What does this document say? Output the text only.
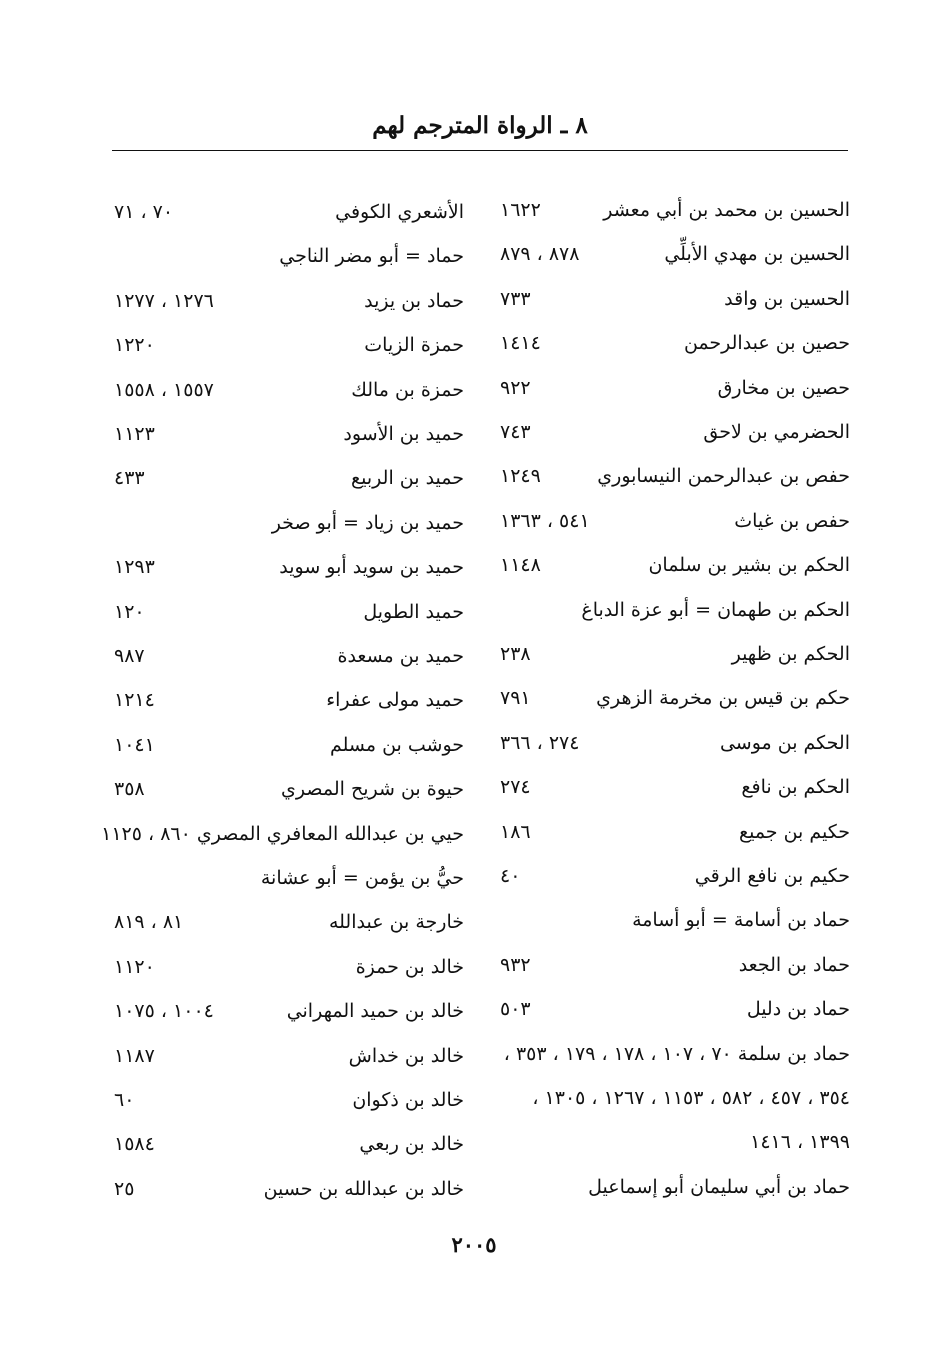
٨ ـ الرواة المترجم لهم
الحسين بن محمد بن أبي معشر
١٦٢٢
الحسين بن مهدي الأبلِّي
٨٧٨ ، ٨٧٩
الحسين بن واقد
٧٣٣
حصين بن عبدالرحمن
١٤١٤
حصين بن مخارق
٩٢٢
الحضرمي بن لاحق
٧٤٣
حفص بن عبدالرحمن النيسابوري
١٢٤٩
حفص بن غياث
٥٤١ ، ١٣٦٣
الحكم بن بشير بن سلمان
١١٤٨
الحكم بن طهمان = أبو عزة الدباغ
الحكم بن ظهير
٢٣٨
حكم بن قيس بن مخرمة الزهري
٧٩١
الحكم بن موسى
٢٧٤ ، ٣٦٦
الحكم بن نافع
٢٧٤
حكيم بن جميع
١٨٦
حكيم بن نافع الرقي
٤٠
حماد بن أسامة = أبو أسامة
حماد بن الجعد
٩٣٢
حماد بن دليل
٥٠٣
حماد بن سلمة ٧٠ ، ١٠٧ ، ١٧٨ ، ١٧٩ ، ٣٥٣ ،
٣٥٤ ، ٤٥٧ ، ٥٨٢ ، ١١٥٣ ، ١٢٦٧ ، ١٣٠٥ ،
١٣٩٩ ، ١٤١٦
حماد بن أبي سليمان أبو إسماعيل
الأشعري الكوفي
٧٠ ، ٧١
حماد = أبو مضر الناجي
حماد بن يزيد
١٢٧٦ ، ١٢٧٧
حمزة الزيات
١٢٢٠
حمزة بن مالك
١٥٥٧ ، ١٥٥٨
حميد بن الأسود
١١٢٣
حميد بن الربيع
٤٣٣
حميد بن زياد = أبو صخر
حميد بن سويد أبو سويد
١٢٩٣
حميد الطويل
١٢٠
حميد بن مسعدة
٩٨٧
حميد مولى عفراء
١٢١٤
حوشب بن مسلم
١٠٤١
حيوة بن شريح المصري
٣٥٨
حيي بن عبدالله المعافري المصري ٨٦٠ ، ١١٢٥
حيُّ بن يؤمن = أبو عشانة
خارجة بن عبدالله
٨١ ، ٨١٩
خالد بن حمزة
١١٢٠
خالد بن حميد المهراني
١٠٠٤ ، ١٠٧٥
خالد بن خداش
١١٨٧
خالد بن ذكوان
٦٠
خالد بن ربعي
١٥٨٤
خالد بن عبدالله بن حسين
٢٥
٢٠٠٥
